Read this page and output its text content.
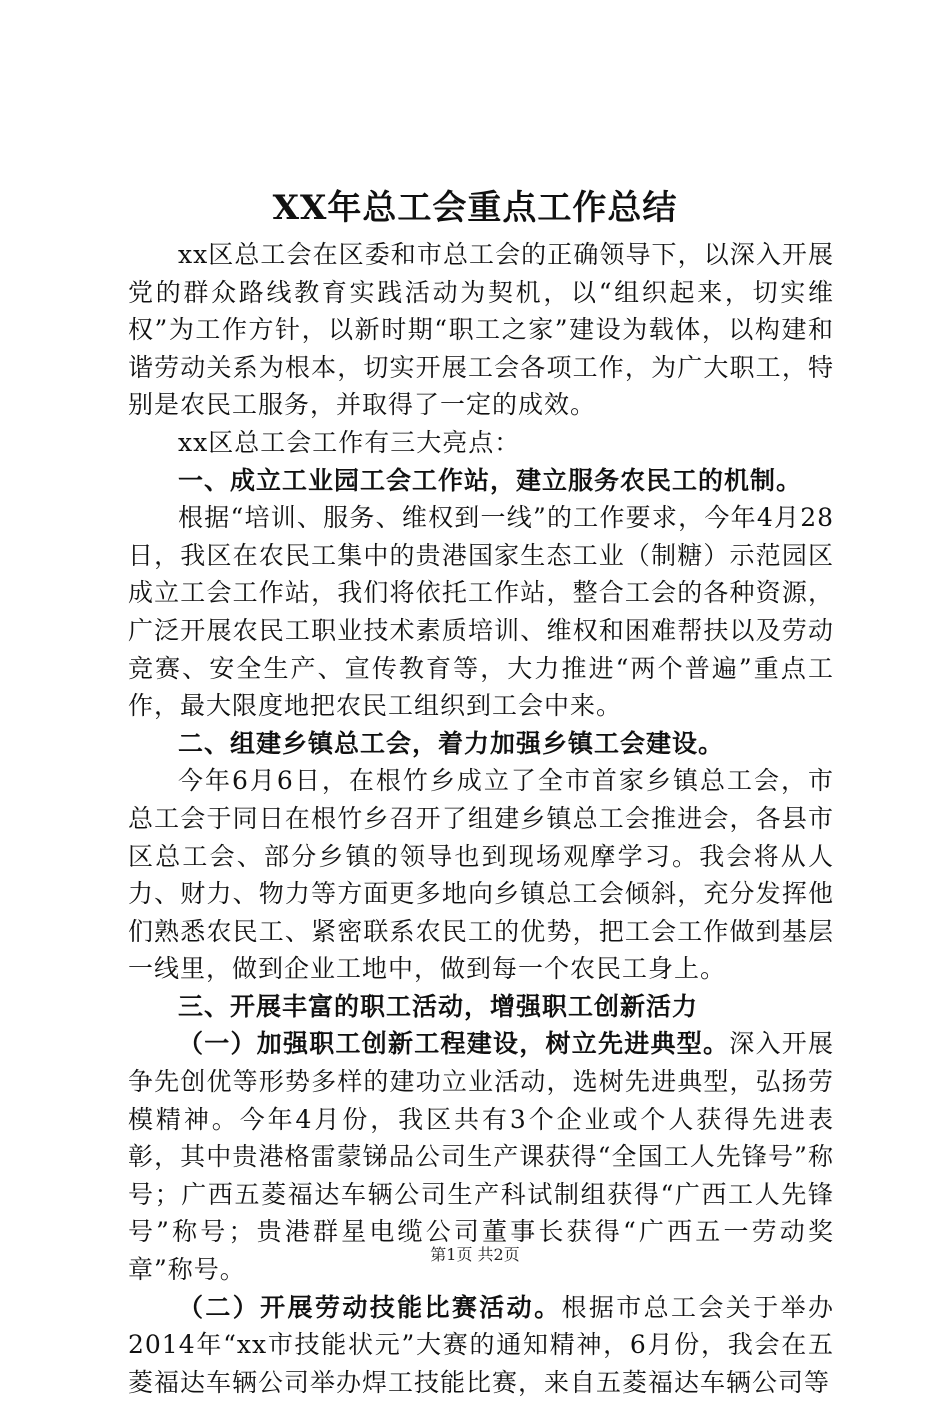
XX年总工会重点工作总结

xx区总工会在区委和市总工会的正确领导下，以深入开展党的群众路线教育实践活动为契机，以“组织起来，切实维权”为工作方针，以新时期“职工之家”建设为载体，以构建和谐劳动关系为根本，切实开展工会各项工作，为广大职工，特别是农民工服务，并取得了一定的成效。

xx区总工会工作有三大亮点：

一、成立工业园工会工作站，建立服务农民工的机制。

根据“培训、服务、维权到一线”的工作要求，今年4月28日，我区在农民工集中的贵港国家生态工业（制糖）示范园区成立工会工作站，我们将依托工作站，整合工会的各种资源，广泛开展农民工职业技术素质培训、维权和困难帮扶以及劳动竞赛、安全生产、宣传教育等，大力推进“两个普遍”重点工作，最大限度地把农民工组织到工会中来。

二、组建乡镇总工会，着力加强乡镇工会建设。

今年6月6日，在根竹乡成立了全市首家乡镇总工会，市总工会于同日在根竹乡召开了组建乡镇总工会推进会，各县市区总工会、部分乡镇的领导也到现场观摩学习。我会将从人力、财力、物力等方面更多地向乡镇总工会倾斜，充分发挥他们熟悉农民工、紧密联系农民工的优势，把工会工作做到基层一线里，做到企业工地中，做到每一个农民工身上。

三、开展丰富的职工活动，增强职工创新活力

（一）加强职工创新工程建设，树立先进典型。深入开展争先创优等形势多样的建功立业活动，选树先进典型，弘扬劳模精神。今年4月份，我区共有3个企业或个人获得先进表彰，其中贵港格雷蒙锑品公司生产课获得“全国工人先锋号”称号；广西五菱福达车辆公司生产科试制组获得“广西工人先锋号”称号；贵港群星电缆公司董事长获得“广西五一劳动奖章”称号。

（二）开展劳动技能比赛活动。根据市总工会关于举办2014年“xx市技能状元”大赛的通知精神，6月份，我会在五菱福达车辆公司举办焊工技能比赛，来自五菱福达车辆公司等

第1页 共2页
